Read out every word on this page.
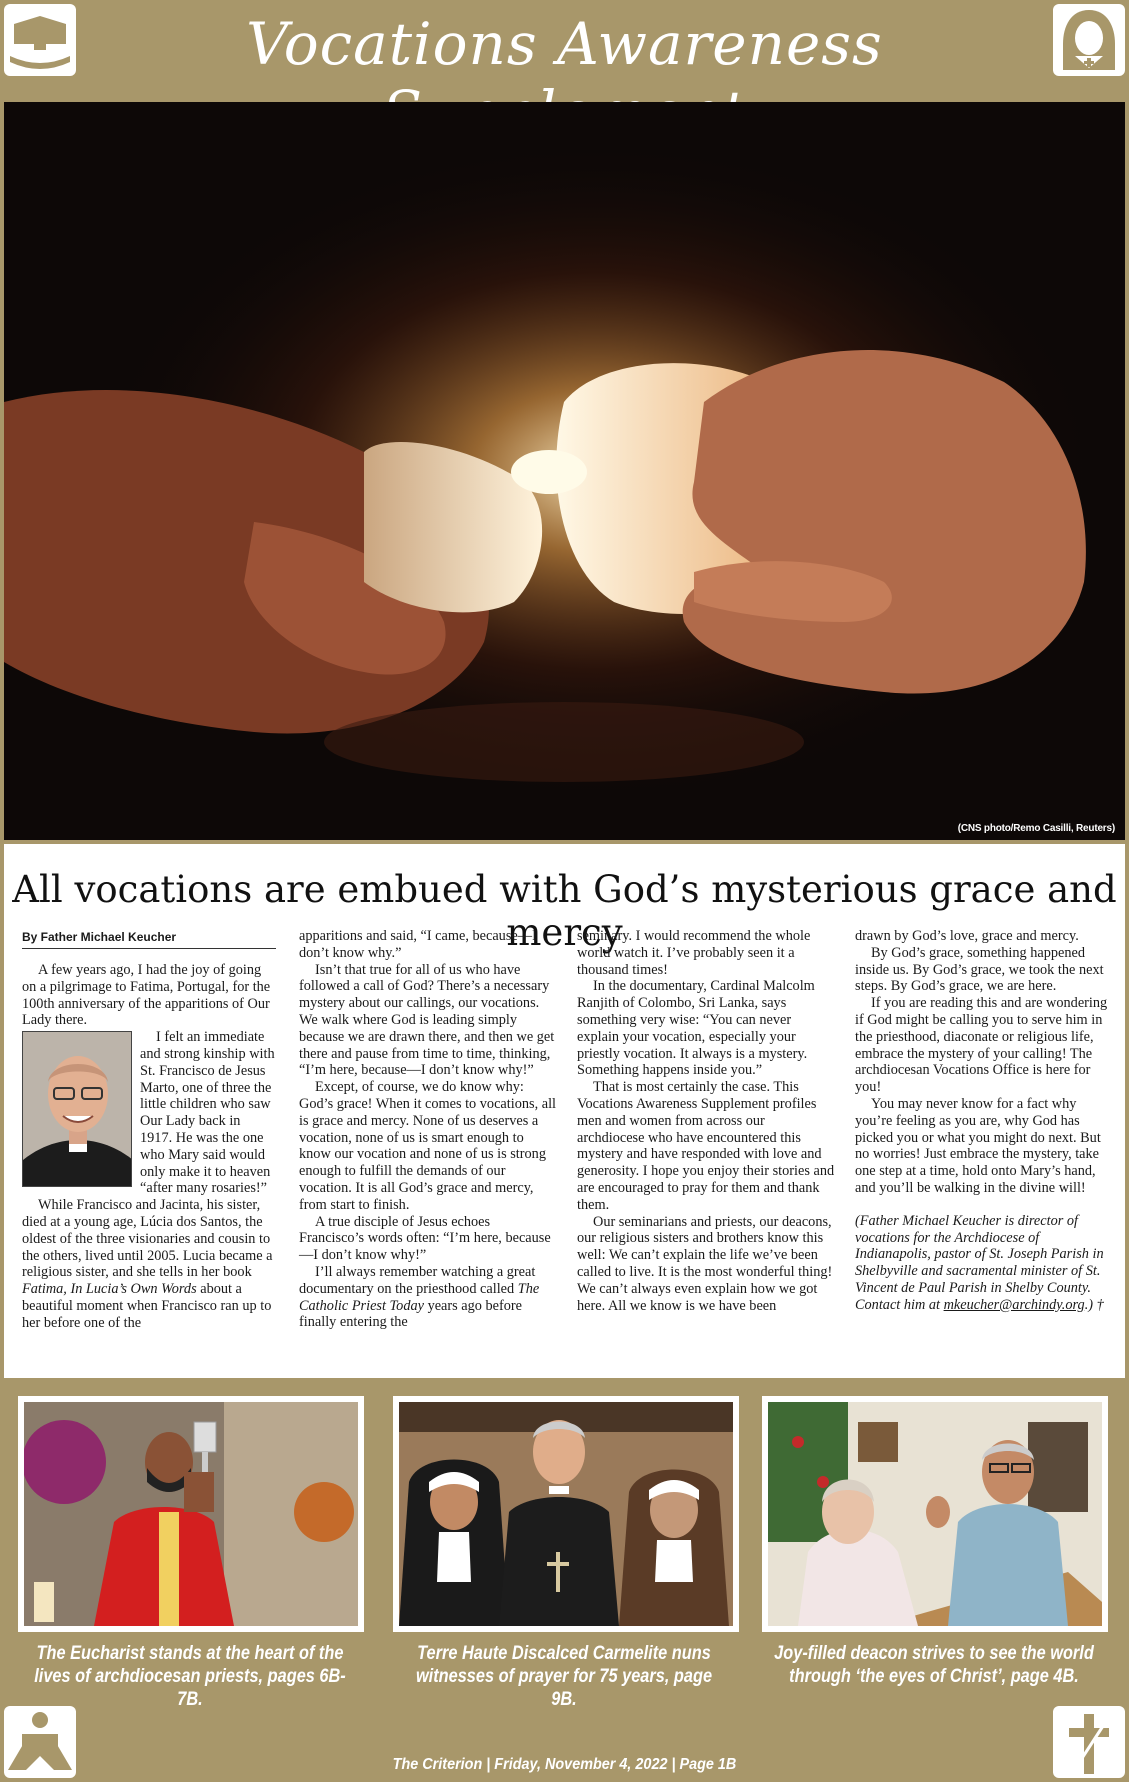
Vocations Awareness
(CNS photo/Remo Casilli, Reuters)
All vocations are embued with God’s mysterious grace and mercy
By Father Michael Keucher

A few years ago, I had the joy of going on a pilgrimage to Fatima, Portugal, for the 100th anniversary of the apparitions of Our Lady there.

I felt an immediate and strong kinship with St. Francisco de Jesus Marto, one of three the little children who saw Our Lady back in 1917. He was the one who Mary said would only make it to heaven “after many rosaries!”

While Francisco and Jacinta, his sister, died at a young age, Lúcia dos Santos, the oldest of the three visionaries and cousin to the others, lived until 2005. Lucia became a religious sister, and she tells in her book Fatima, In Lucia’s Own Words about a beautiful moment when Francisco ran up to her before one of the

apparitions and said, “I came, because—I don’t know why.”

Isn’t that true for all of us who have followed a call of God? There’s a necessary mystery about our callings, our vocations. We walk where God is leading simply because we are drawn there, and then we get there and pause from time to time, thinking, “I’m here, because—I don’t know why!”

Except, of course, we do know why: God’s grace! When it comes to vocations, all is grace and mercy. None of us deserves a vocation, none of us is smart enough to know our vocation and none of us is strong enough to fulfill the demands of our vocation. It is all God’s grace and mercy, from start to finish.

A true disciple of Jesus echoes Francisco’s words often: “I’m here, because—I don’t know why!”

I’ll always remember watching a great documentary on the priesthood called The Catholic Priest Today years ago before finally entering the

seminary. I would recommend the whole world watch it. I’ve probably seen it a thousand times!

In the documentary, Cardinal Malcolm Ranjith of Colombo, Sri Lanka, says something very wise: “You can never explain your vocation, especially your priestly vocation. It always is a mystery. Something happens inside you.”

That is most certainly the case. This Vocations Awareness Supplement profiles men and women from across our archdiocese who have encountered this mystery and have responded with love and generosity. I hope you enjoy their stories and are encouraged to pray for them and thank them.

Our seminarians and priests, our deacons, our religious sisters and brothers know this well: We can’t explain the life we’ve been called to live. It is the most wonderful thing! We can’t always even explain how we got here. All we know is we have been

drawn by God’s love, grace and mercy.

By God’s grace, something happened inside us. By God’s grace, we took the next steps. By God’s grace, we are here.

If you are reading this and are wondering if God might be calling you to serve him in the priesthood, diaconate or religious life, embrace the mystery of your calling! The archdiocesan Vocations Office is here for you!

You may never know for a fact why you’re feeling as you are, why God has picked you or what you might do next. But no worries! Just embrace the mystery, take one step at a time, hold onto Mary’s hand, and you’ll be walking in the divine will!

(Father Michael Keucher is director of vocations for the Archdiocese of Indianapolis, pastor of St. Joseph Parish in Shelbyville and sacramental minister of St. Vincent de Paul Parish in Shelby County. Contact him at mkeucher@archindy.org.) †

The Eucharist stands at the heart of the lives of archdiocesan priests, pages 6B-7B.
Terre Haute Discalced Carmelite nuns witnesses of prayer for 75 years, page 9B.
Joy-filled deacon strives to see the world through ‘the eyes of Christ’, page 4B.
The Criterion | Friday, November 4, 2022 | Page 1B
